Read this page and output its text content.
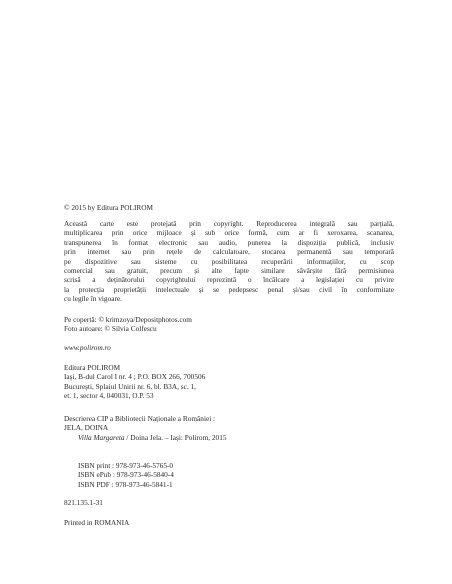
© 2015 by Editura POLIROM
Această carte este protejată prin copyright. Reproducerea integrală sau parțială,
multiplicarea prin orice mijloace și sub orice formă, cum ar fi xeroxarea, scanarea,
transpunerea în format electronic sau audio, punerea la dispoziția publică, inclusiv
prin internet sau prin rețele de calculatoare, stocarea permanentă sau temporară
pe dispozitive sau sisteme cu posibilitatea recuperării informațiilor, cu scop
comercial sau gratuit, precum și alte fapte similare săvârșite fără permisiunea
scrisă a deținătorului copyrightului reprezintă o încălcare a legislației cu privire
la protecția proprietății intelectuale și se pedepsesc penal și/sau civil în conformitate
cu legile în vigoare.
Pe copertă: © krimzoya/Depositphotos.com
Foto autoare: © Silvia Colfescu
www.polirom.ro
Editura POLIROM
Iași, B-dul Carol I nr. 4 ; P.O. BOX 266, 700506
București, Splaiul Unirii nr. 6, bl. B3A, sc. 1,
et. 1, sector 4, 040031, O.P. 53
Descrierea CIP a Bibliotecii Naționale a României :
JELA, DOINA
Villa Margareta / Doina Jela. – Iași: Polirom, 2015
ISBN print : 978-973-46-5765-0
ISBN ePub : 978-973-46-5840-4
ISBN PDF : 978-973-46-5841-1
821.135.1-31
Printed in ROMANIA
